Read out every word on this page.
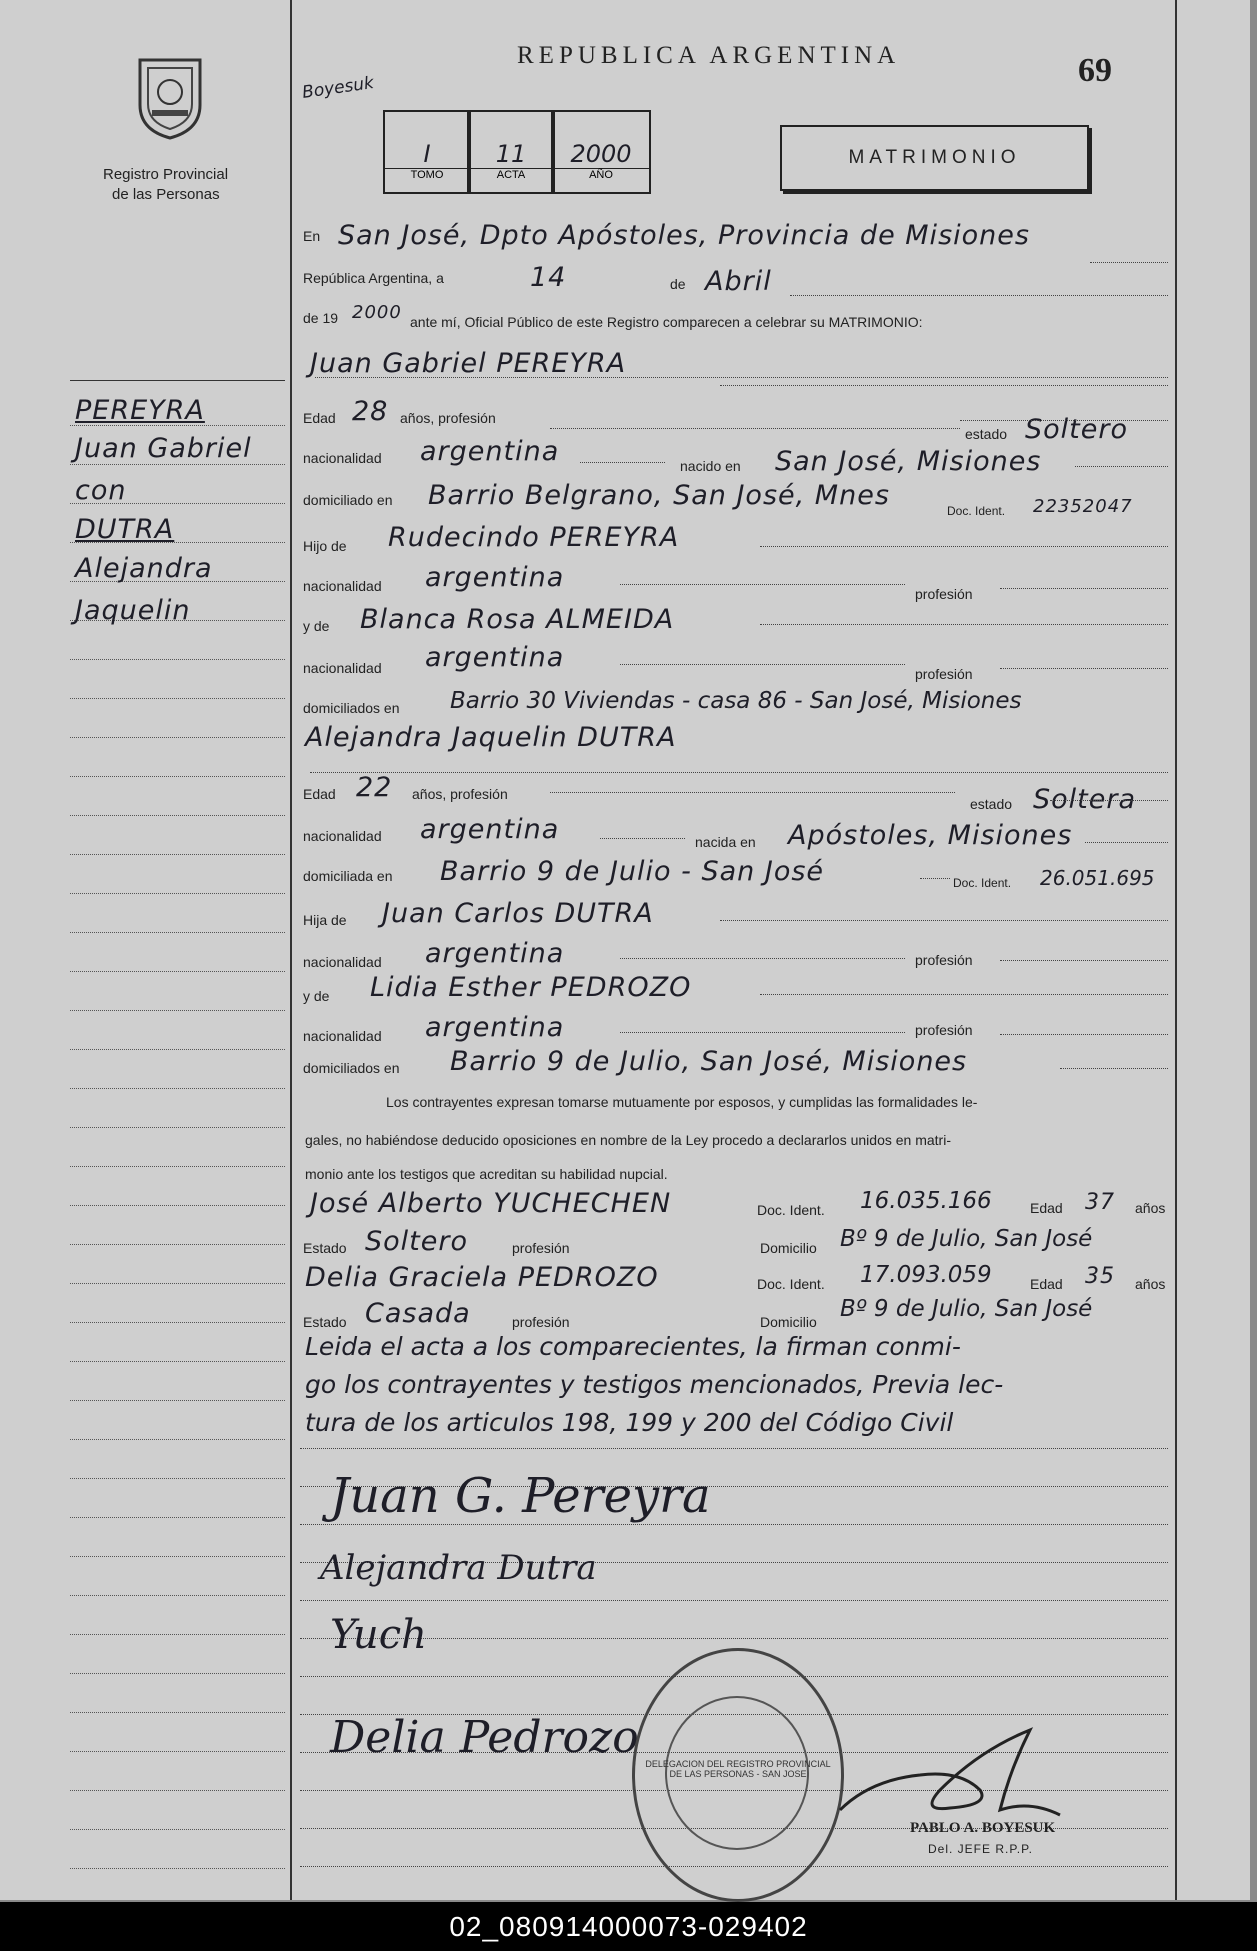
Registro Provincial
de las Personas
PEREYRA
Juan Gabriel
con
DUTRA
Alejandra
Jaquelin
REPUBLICA ARGENTINA	69
Boyesuk
I
TOMO
11
ACTA
2000
AÑO
MATRIMONIO
En San José, Dpto Apóstoles, Provincia de Misiones
República Argentina, a	14	de Abril
de 19 2000 ante mí, Oficial Público de este Registro comparecen a celebrar su MATRIMONIO:
Juan Gabriel PEREYRA
Edad 28 años, profesión
estado Soltero
nacionalidad argentina	nacido en San José, Misiones
domiciliado en Barrio Belgrano, San José, Mnes	Doc. Ident. 22352047
Hijo de Rudecindo PEREYRA
nacionalidad argentina
profesión
y de Blanca Rosa ALMEIDA
nacionalidad argentina
profesión
domiciliados en Barrio 30 Viviendas - casa 86 - San José, Misiones
Alejandra Jaquelin DUTRA
Edad 22 años, profesión
estado Soltera
nacionalidad argentina	nacida en Apóstoles, Misiones
domiciliada en Barrio 9 de Julio - San José	Doc. Ident. 26.051.695
Hija de Juan Carlos DUTRA
nacionalidad argentina	profesión
y de Lidia Esther PEDROZO
nacionalidad argentina	profesión
domiciliados en Barrio 9 de Julio, San José, Misiones
Los contrayentes expresan tomarse mutuamente por esposos, y cumplidas las formalidades le-
gales, no habiéndose deducido oposiciones en nombre de la Ley procedo a declararlos unidos en matri-
monio ante los testigos que acreditan su habilidad nupcial.
José Alberto YUCHECHEN	Doc. Ident. 16.035.166	Edad 37 años
Estado Soltero	profesión	Domicilio Bº 9 de Julio, San José
Delia Graciela PEDROZO	Doc. Ident. 17.093.059	Edad 35 años
Estado Casada	profesión	Domicilio Bº 9 de Julio, San José
Leida el acta a los comparecientes, la firman conmi-
go los contrayentes y testigos mencionados, Previa lec-
tura de los articulos 198, 199 y 200 del Código Civil
Juan G. Pereyra
Alejandra Dutra
Yuch
Delia Pedrozo
DELEGACION DEL REGISTRO PROVINCIAL DE LAS PERSONAS - SAN JOSE
PABLO A. BOYESUK
Del. JEFE R.P.P.
02_080914000073-029402
